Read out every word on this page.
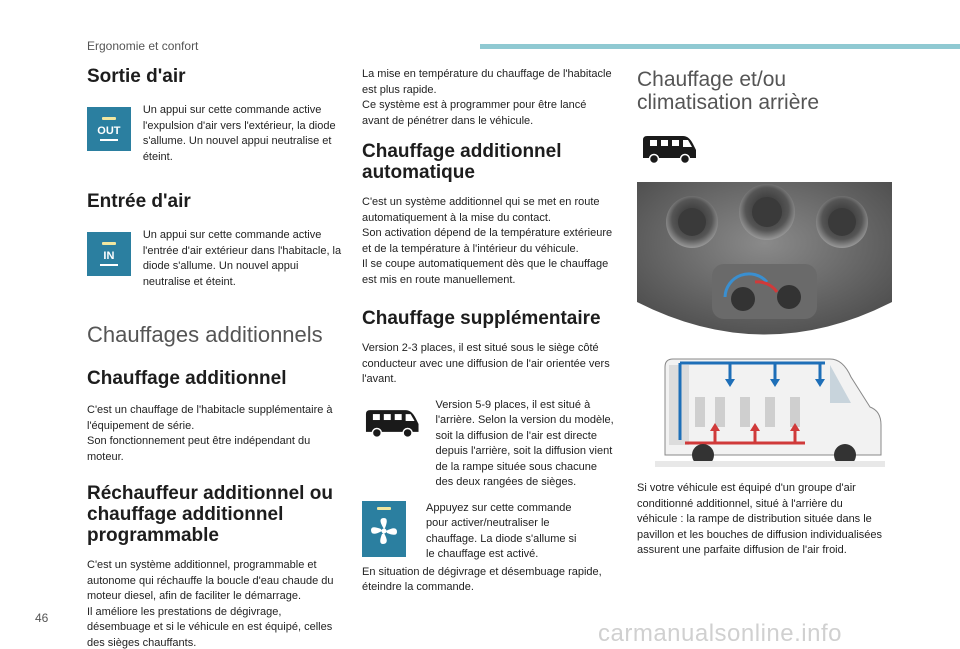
Ergonomie et confort
Sortie d'air
OUT

Un appui sur cette commande active l'expulsion d'air vers l'extérieur, la diode s'allume. Un nouvel appui neutralise et éteint.

Entrée d'air
IN

Un appui sur cette commande active l'entrée d'air extérieur dans l'habitacle, la diode s'allume. Un nouvel appui neutralise et éteint.

Chauffages additionnels
Chauffage additionnel

C'est un chauffage de l'habitacle supplémentaire à l'équipement de série.

Son fonctionnement peut être indépendant du moteur.

Réchauffeur additionnel ou chauffage additionnel programmable

C'est un système additionnel, programmable et autonome qui réchauffe la boucle d'eau chaude du moteur diesel, afin de faciliter le démarrage.

Il améliore les prestations de dégivrage, désembuage et si le véhicule en est équipé, celles des sièges chauffants.

La mise en température du chauffage de l'habitacle est plus rapide.

Ce système est à programmer pour être lancé avant de pénétrer dans le véhicule.

Chauffage additionnel automatique

C'est un système additionnel qui se met en route automatiquement à la mise du contact.

Son activation dépend de la température extérieure et de la température à l'intérieur du véhicule.

Il se coupe automatiquement dès que le chauffage est mis en route manuellement.

Chauffage supplémentaire

Version 2-3 places, il est situé sous le siège côté conducteur avec une diffusion de l'air orientée vers l'avant.

Version 5-9 places, il est situé à l'arrière. Selon la version du modèle, soit la diffusion de l'air est directe depuis l'arrière, soit la diffusion vient de la rampe située sous chacune des deux rangées de sièges.

Appuyez sur cette commande pour activer/neutraliser le chauffage. La diode s'allume si le chauffage est activé.

En situation de dégivrage et désembuage rapide, éteindre la commande.

Chauffage et/ou climatisation arrière

Si votre véhicule est équipé d'un groupe d'air conditionné additionnel, situé à l'arrière du véhicule : la rampe de distribution située dans le pavillon et les bouches de diffusion individualisées assurent une parfaite diffusion de l'air froid.

46
carmanualsonline.info
